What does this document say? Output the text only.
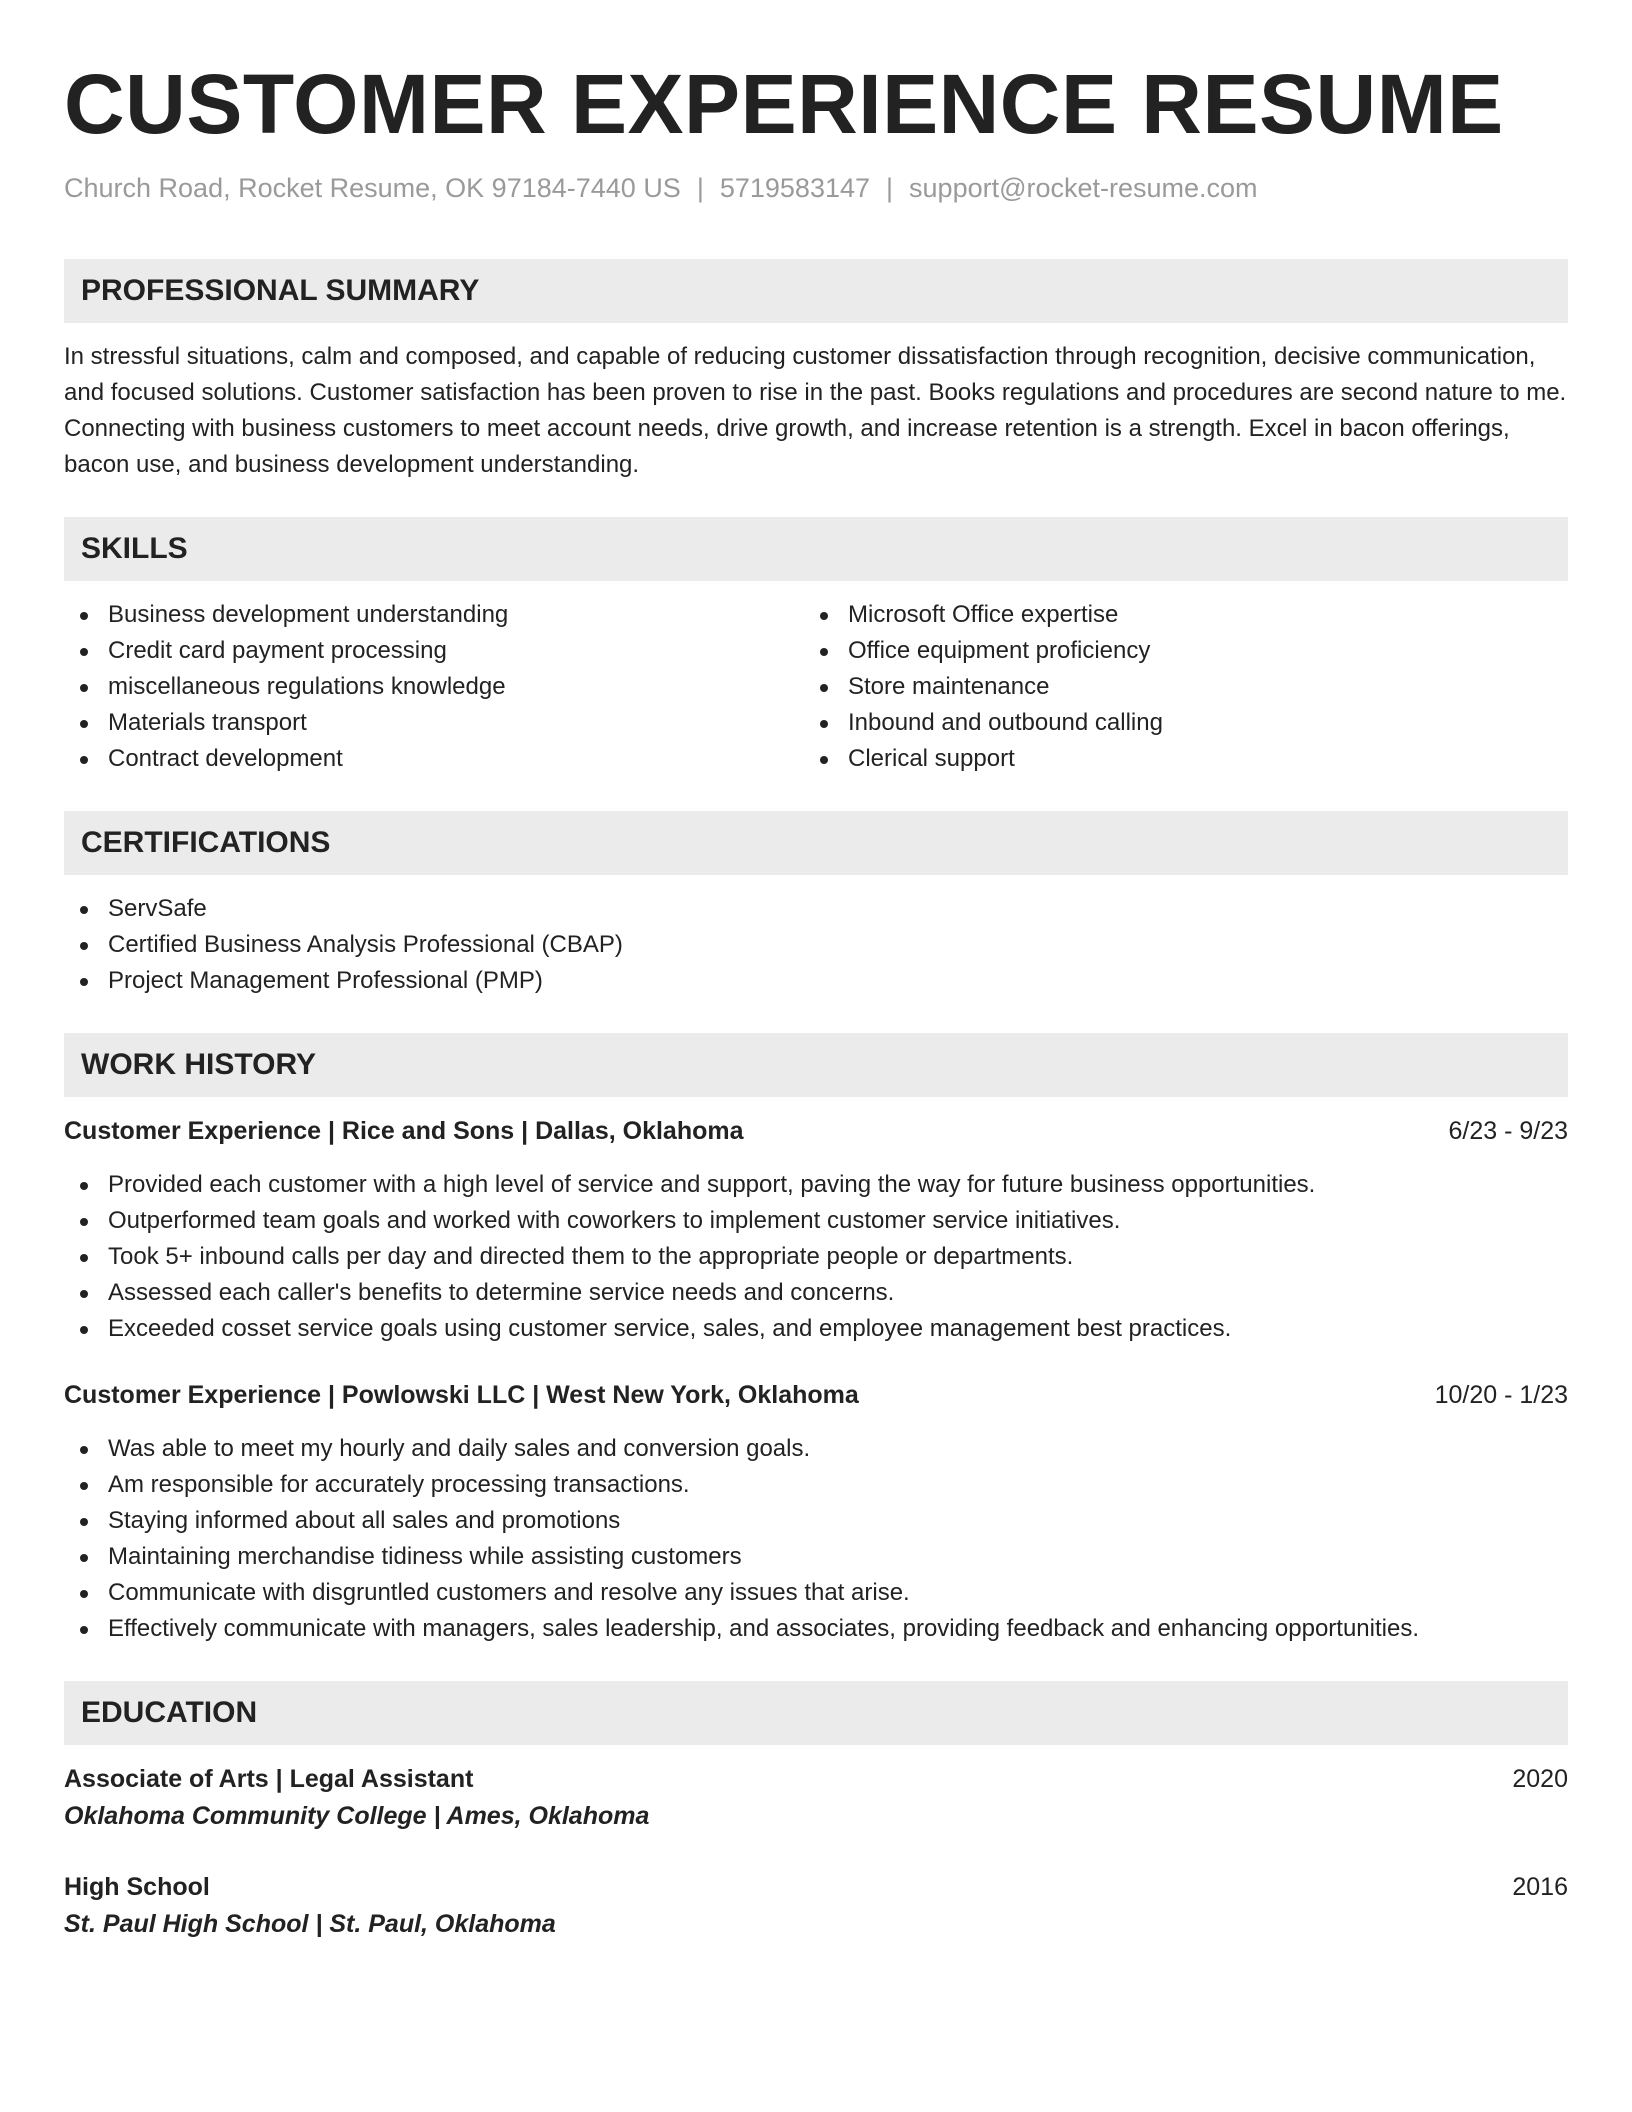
CUSTOMER EXPERIENCE RESUME
Church Road, Rocket Resume, OK 97184-7440 US | 5719583147 | support@rocket-resume.com
PROFESSIONAL SUMMARY
In stressful situations, calm and composed, and capable of reducing customer dissatisfaction through recognition, decisive communication, and focused solutions. Customer satisfaction has been proven to rise in the past. Books regulations and procedures are second nature to me. Connecting with business customers to meet account needs, drive growth, and increase retention is a strength. Excel in bacon offerings, bacon use, and business development understanding.
SKILLS
Business development understanding
Credit card payment processing
miscellaneous regulations knowledge
Materials transport
Contract development
Microsoft Office expertise
Office equipment proficiency
Store maintenance
Inbound and outbound calling
Clerical support
CERTIFICATIONS
ServSafe
Certified Business Analysis Professional (CBAP)
Project Management Professional (PMP)
WORK HISTORY
Customer Experience | Rice and Sons | Dallas, Oklahoma	6/23 - 9/23
Provided each customer with a high level of service and support, paving the way for future business opportunities.
Outperformed team goals and worked with coworkers to implement customer service initiatives.
Took 5+ inbound calls per day and directed them to the appropriate people or departments.
Assessed each caller's benefits to determine service needs and concerns.
Exceeded cosset service goals using customer service, sales, and employee management best practices.
Customer Experience | Powlowski LLC | West New York, Oklahoma	10/20 - 1/23
Was able to meet my hourly and daily sales and conversion goals.
Am responsible for accurately processing transactions.
Staying informed about all sales and promotions
Maintaining merchandise tidiness while assisting customers
Communicate with disgruntled customers and resolve any issues that arise.
Effectively communicate with managers, sales leadership, and associates, providing feedback and enhancing opportunities.
EDUCATION
Associate of Arts | Legal Assistant	2020
Oklahoma Community College | Ames, Oklahoma
High School	2016
St. Paul High School | St. Paul, Oklahoma
